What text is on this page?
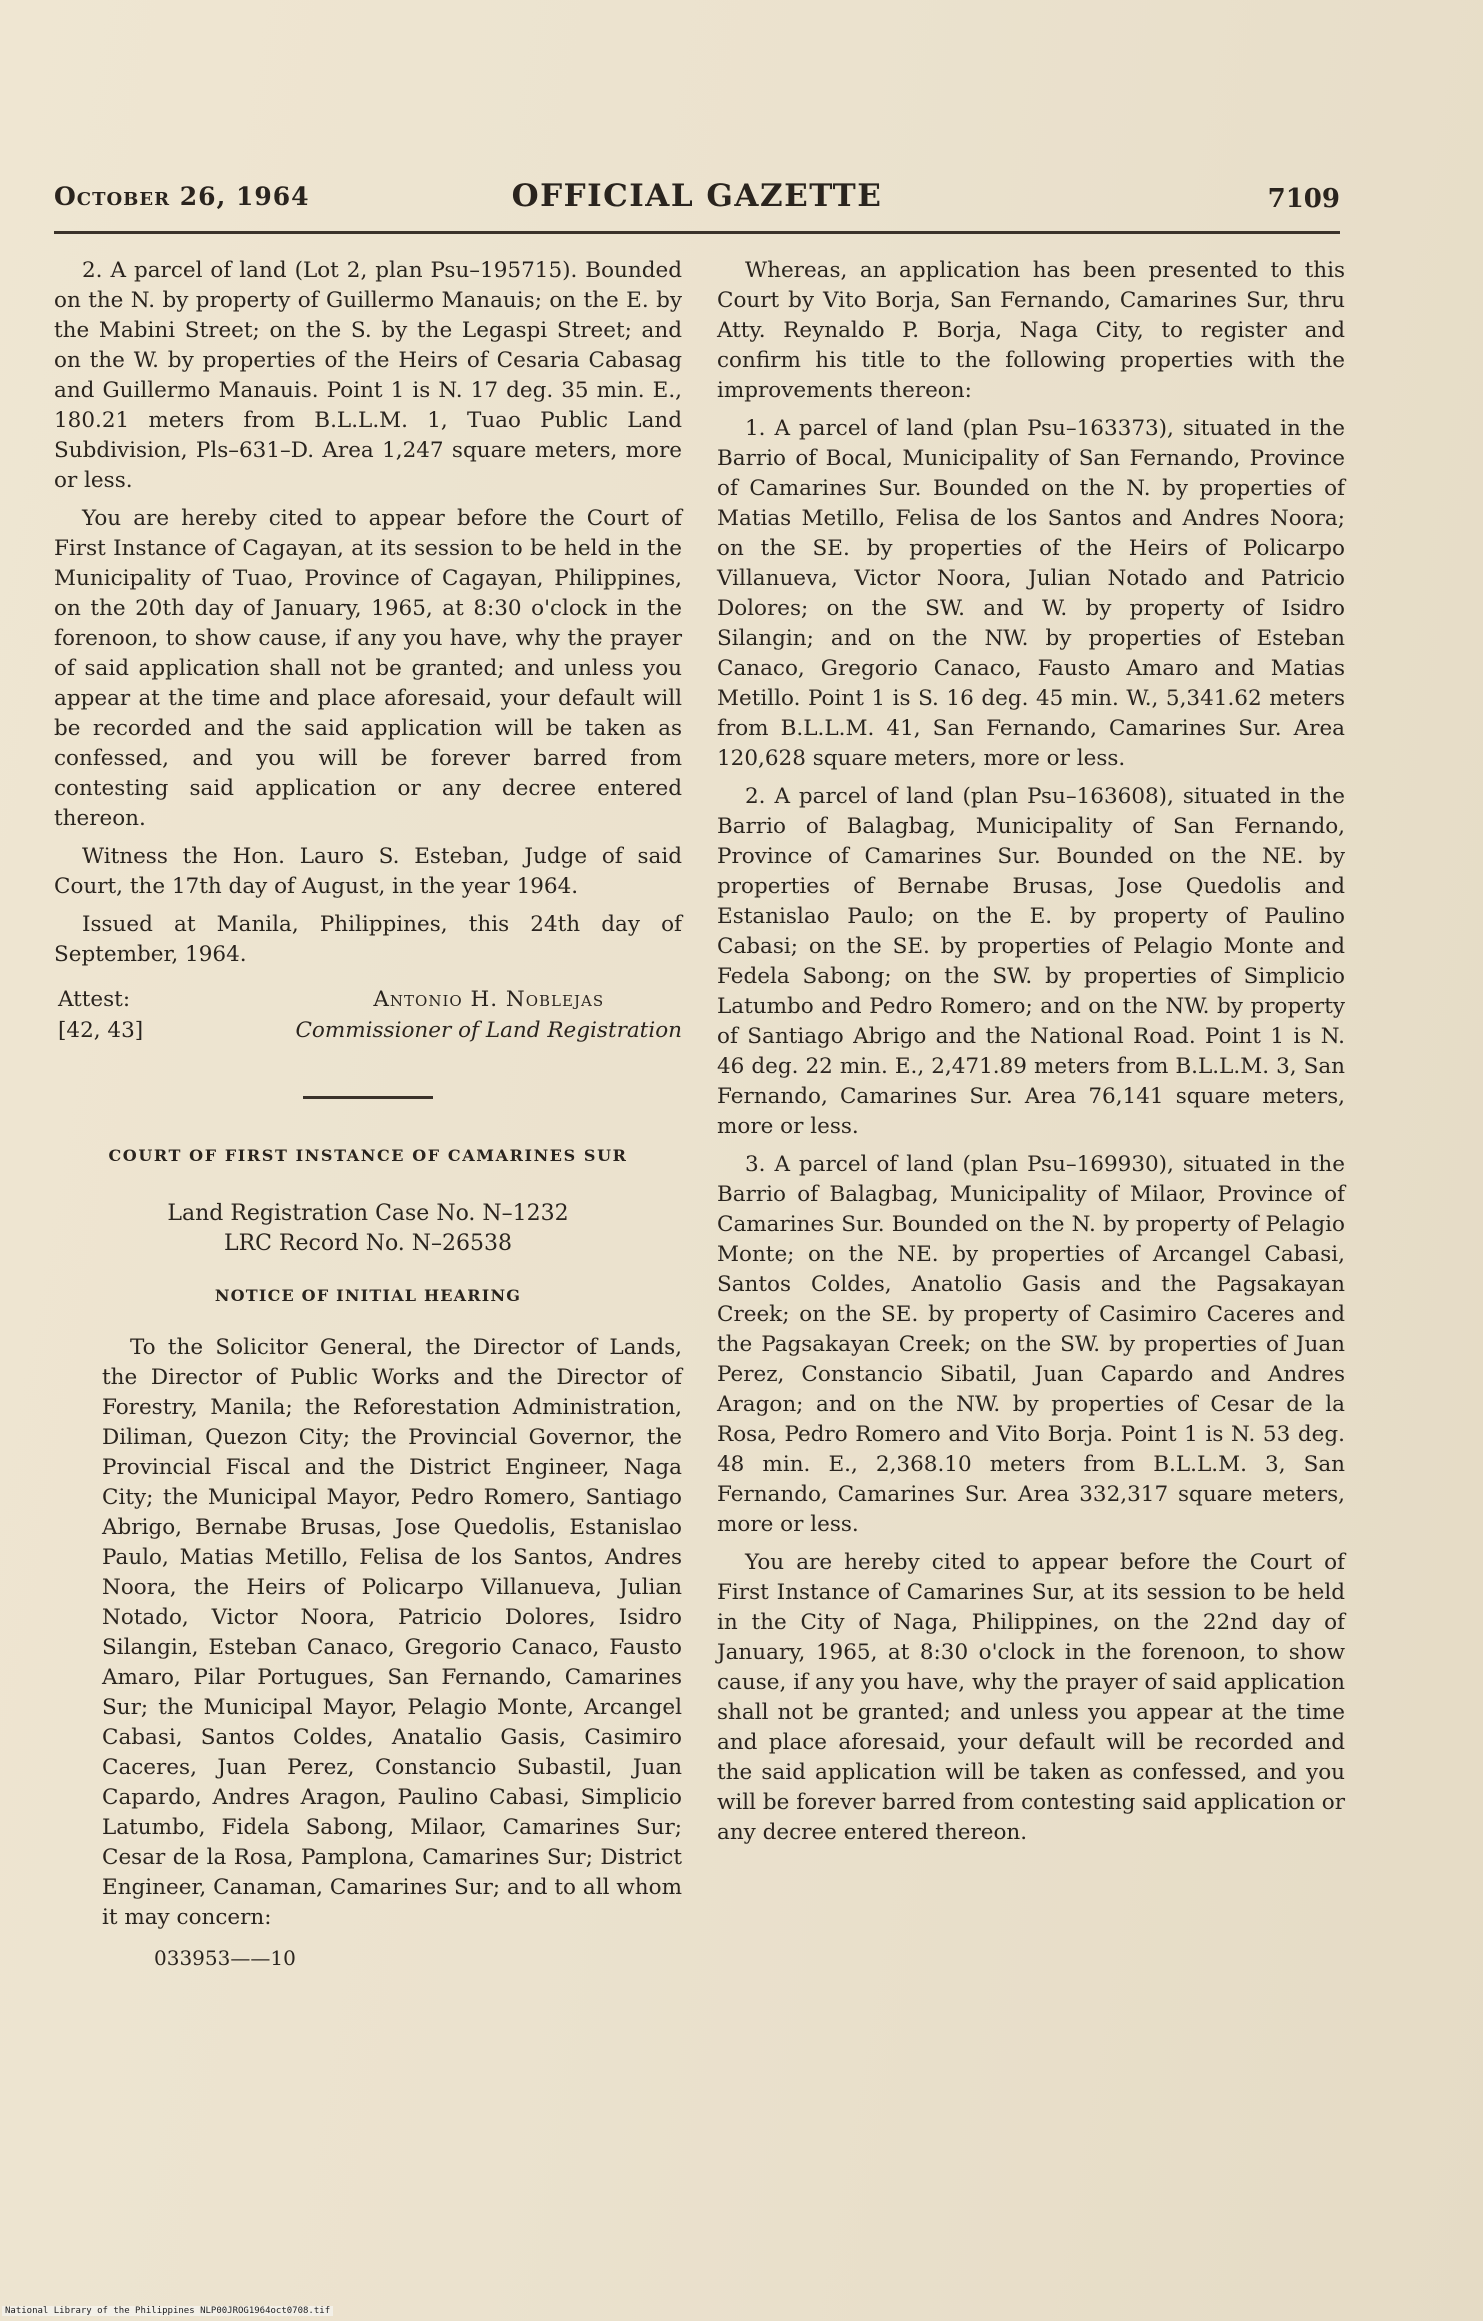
October 26, 1964	OFFICIAL GAZETTE	7109

2. A parcel of land (Lot 2, plan Psu–195715). Bounded on the N. by property of Guillermo Manauis; on the E. by the Mabini Street; on the S. by the Legaspi Street; and on the W. by properties of the Heirs of Cesaria Cabasag and Guillermo Manauis. Point 1 is N. 17 deg. 35 min. E., 180.21 meters from B.L.L.M. 1, Tuao Public Land Subdivision, Pls–631–D. Area 1,247 square meters, more or less.

You are hereby cited to appear before the Court of First Instance of Cagayan, at its session to be held in the Municipality of Tuao, Province of Cagayan, Philippines, on the 20th day of January, 1965, at 8:30 o'clock in the forenoon, to show cause, if any you have, why the prayer of said application shall not be granted; and unless you appear at the time and place aforesaid, your default will be recorded and the said application will be taken as confessed, and you will be forever barred from contesting said application or any decree entered thereon.

Witness the Hon. Lauro S. Esteban, Judge of said Court, the 17th day of August, in the year 1964.

Issued at Manila, Philippines, this 24th day of September, 1964.

Attest:
[42, 43]
Antonio H. Noblejas
Commissioner of Land Registration
COURT OF FIRST INSTANCE OF CAMARINES SUR
Land Registration Case No. N–1232
LRC Record No. N–26538
NOTICE OF INITIAL HEARING

To the Solicitor General, the Director of Lands, the Director of Public Works and the Director of Forestry, Manila; the Reforestation Administration, Diliman, Quezon City; the Provincial Governor, the Provincial Fiscal and the District Engineer, Naga City; the Municipal Mayor, Pedro Romero, Santiago Abrigo, Bernabe Brusas, Jose Quedolis, Estanislao Paulo, Matias Metillo, Felisa de los Santos, Andres Noora, the Heirs of Policarpo Villanueva, Julian Notado, Victor Noora, Patricio Dolores, Isidro Silangin, Esteban Canaco, Gregorio Canaco, Fausto Amaro, Pilar Portugues, San Fernando, Camarines Sur; the Municipal Mayor, Pelagio Monte, Arcangel Cabasi, Santos Coldes, Anatalio Gasis, Casimiro Caceres, Juan Perez, Constancio Subastil, Juan Capardo, Andres Aragon, Paulino Cabasi, Simplicio Latumbo, Fidela Sabong, Milaor, Camarines Sur; Cesar de la Rosa, Pamplona, Camarines Sur; District Engineer, Canaman, Camarines Sur; and to all whom it may concern:

033953——10

Whereas, an application has been presented to this Court by Vito Borja, San Fernando, Camarines Sur, thru Atty. Reynaldo P. Borja, Naga City, to register and confirm his title to the following properties with the improvements thereon:

1. A parcel of land (plan Psu–163373), situated in the Barrio of Bocal, Municipality of San Fernando, Province of Camarines Sur. Bounded on the N. by properties of Matias Metillo, Felisa de los Santos and Andres Noora; on the SE. by properties of the Heirs of Policarpo Villanueva, Victor Noora, Julian Notado and Patricio Dolores; on the SW. and W. by property of Isidro Silangin; and on the NW. by properties of Esteban Canaco, Gregorio Canaco, Fausto Amaro and Matias Metillo. Point 1 is S. 16 deg. 45 min. W., 5,341.62 meters from B.L.L.M. 41, San Fernando, Camarines Sur. Area 120,628 square meters, more or less.

2. A parcel of land (plan Psu–163608), situated in the Barrio of Balagbag, Municipality of San Fernando, Province of Camarines Sur. Bounded on the NE. by properties of Bernabe Brusas, Jose Quedolis and Estanislao Paulo; on the E. by property of Paulino Cabasi; on the SE. by properties of Pelagio Monte and Fedela Sabong; on the SW. by properties of Simplicio Latumbo and Pedro Romero; and on the NW. by property of Santiago Abrigo and the National Road. Point 1 is N. 46 deg. 22 min. E., 2,471.89 meters from B.L.L.M. 3, San Fernando, Camarines Sur. Area 76,141 square meters, more or less.

3. A parcel of land (plan Psu–169930), situated in the Barrio of Balagbag, Municipality of Milaor, Province of Camarines Sur. Bounded on the N. by property of Pelagio Monte; on the NE. by properties of Arcangel Cabasi, Santos Coldes, Anatolio Gasis and the Pagsakayan Creek; on the SE. by property of Casimiro Caceres and the Pagsakayan Creek; on the SW. by properties of Juan Perez, Constancio Sibatil, Juan Capardo and Andres Aragon; and on the NW. by properties of Cesar de la Rosa, Pedro Romero and Vito Borja. Point 1 is N. 53 deg. 48 min. E., 2,368.10 meters from B.L.L.M. 3, San Fernando, Camarines Sur. Area 332,317 square meters, more or less.

You are hereby cited to appear before the Court of First Instance of Camarines Sur, at its session to be held in the City of Naga, Philippines, on the 22nd day of January, 1965, at 8:30 o'clock in the forenoon, to show cause, if any you have, why the prayer of said application shall not be granted; and unless you appear at the time and place aforesaid, your default will be recorded and the said application will be taken as confessed, and you will be forever barred from contesting said application or any decree entered thereon.

National Library of the Philippines NLP00JROG1964oct0708.tif
